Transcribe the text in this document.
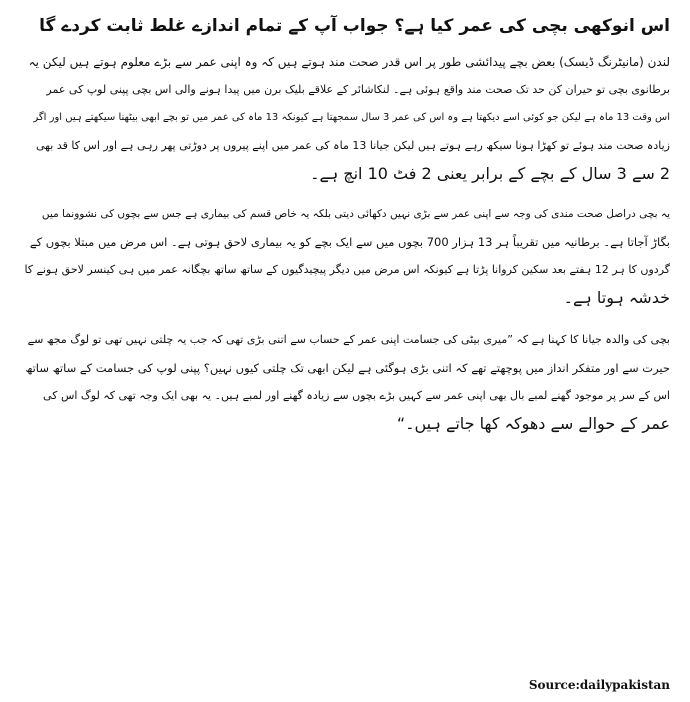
اس انوکھی بچی کی عمر کیا ہے؟ جواب آپ کے تمام اندازے غلط ثابت کردے گا

لندن (مانیٹرنگ ڈیسک) بعض بچے پیدائشی طور پر اس قدر صحت مند ہوتے ہیں کہ وہ اپنی عمر سے بڑے معلوم ہوتے ہیں لیکن یہ
برطانوی بچی تو حیران کن حد تک صحت مند واقع ہوئی ہے۔ لنکاشائر کے علاقے بلیک برن میں پیدا ہونے والی اس بچی پپنی لوپ کی عمر
اس وقت 13 ماہ ہے لیکن جو کوئی اسے دیکھتا ہے وہ اس کی عمر 3 سال سمجھتا ہے کیونکہ 13 ماہ کی عمر میں تو بچے ابھی بیٹھنا سیکھتے ہیں اور اگر
زیادہ صحت مند ہوئے تو کھڑا ہونا سیکھ رہے ہوتے ہیں لیکن جیانا 13 ماہ کی عمر میں اپنے پیروں پر دوڑتی پھر رہی ہے اور اس کا قد بھی
2 سے 3 سال کے بچے کے برابر یعنی 2 فٹ 10 انچ ہے۔

یہ بچی دراصل صحت مندی کی وجہ سے اپنی عمر سے بڑی نہیں دکھائی دیتی بلکہ یہ خاص قسم کی بیماری ہے جس سے بچوں کی نشوونما میں
بگاڑ آجاتا ہے۔ برطانیہ میں تقریباً ہر 13 ہزار 700 بچوں میں سے ایک بچے کو یہ بیماری لاحق ہوتی ہے۔ اس مرض میں مبتلا بچوں کے
گردوں کا ہر 12 ہفتے بعد سکین کروانا پڑتا ہے کیونکہ اس مرض میں دیگر پیچیدگیوں کے ساتھ ساتھ بچگانہ عمر میں ہی کینسر لاحق ہونے کا
خدشہ ہوتا ہے۔

بچی کی والدہ جیانا کا کہنا ہے کہ ”میری بیٹی کی جسامت اپنی عمر کے حساب سے اتنی بڑی تھی کہ جب یہ چلتی نہیں تھی تو لوگ مجھ سے
حیرت سے اور متفکر انداز میں پوچھتے تھے کہ اتنی بڑی ہوگئی ہے لیکن ابھی تک چلتی کیوں نہیں؟ پپنی لوپ کی جسامت کے ساتھ ساتھ
اس کے سر پر موجود گھنے لمبے بال بھی اپنی عمر سے کہیں بڑے بچوں سے زیادہ گھنے اور لمبے ہیں۔ یہ بھی ایک وجہ تھی کہ لوگ اس کی
عمر کے حوالے سے دھوکہ کھا جاتے ہیں۔“

Source:dailypakistan
